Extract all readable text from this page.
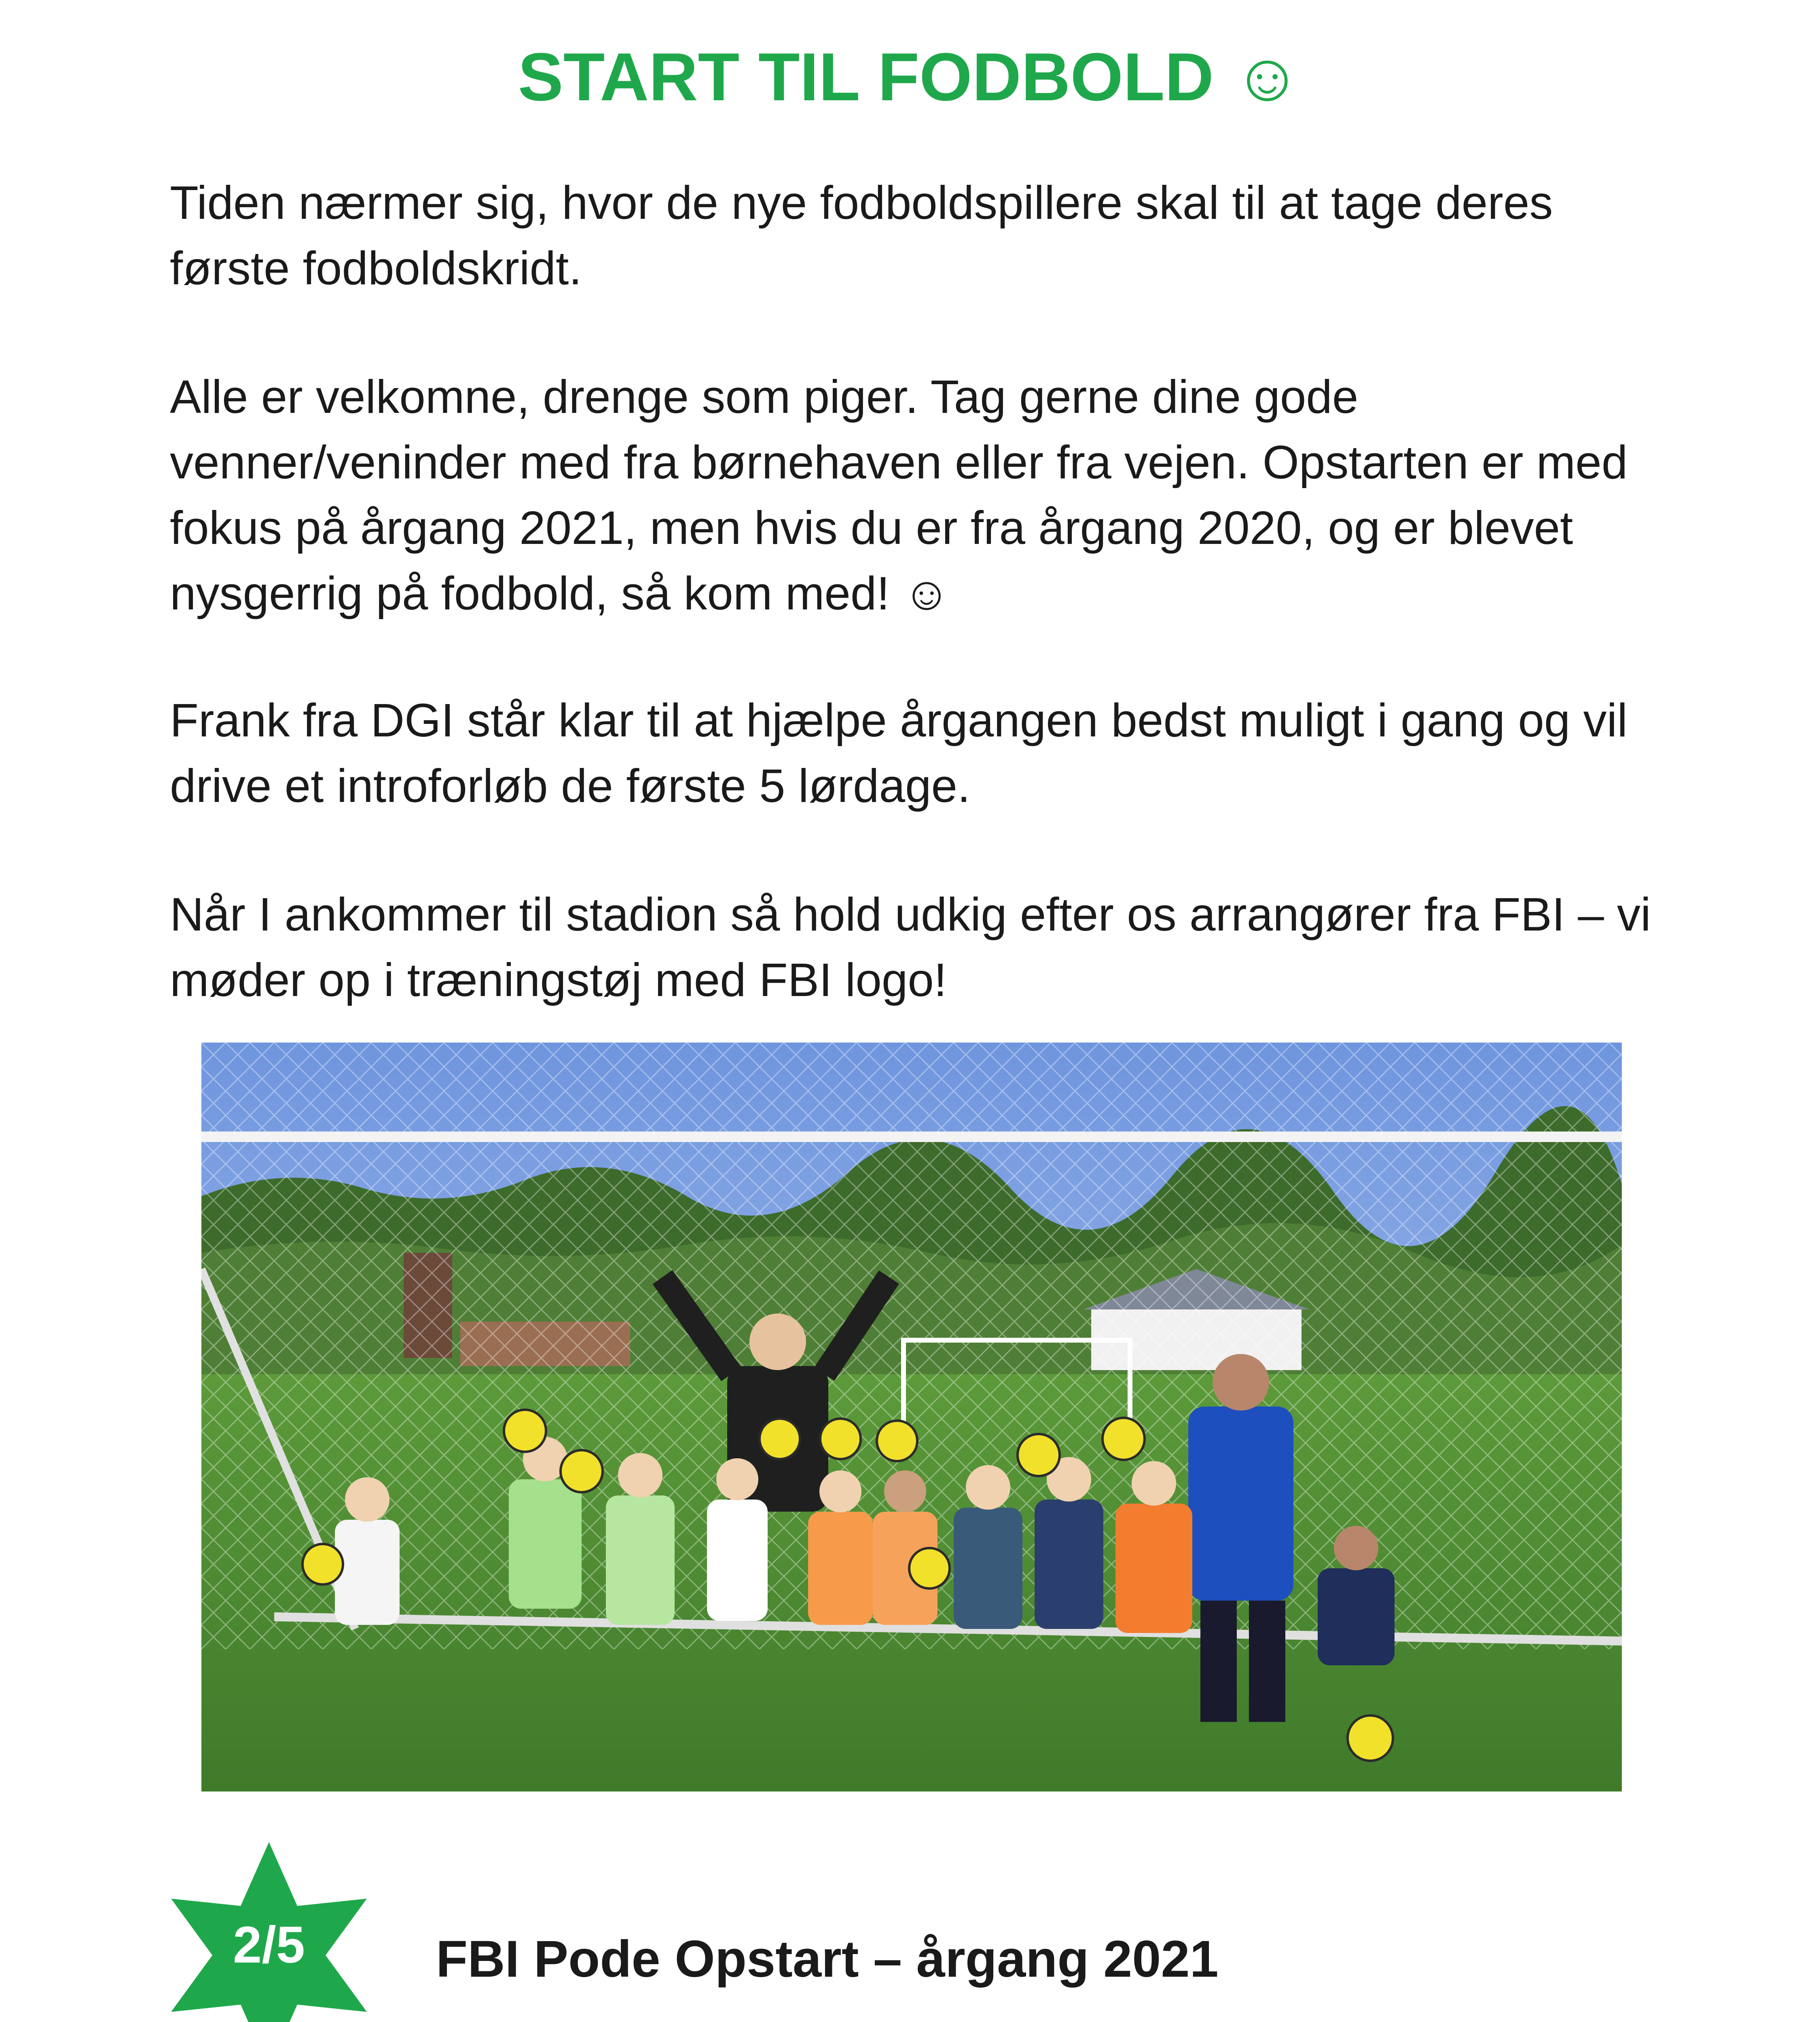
START TIL FODBOLD ☺

Tiden nærmer sig, hvor de nye fodboldspillere skal til at tage deres første fodboldskridt.

Alle er velkomne, drenge som piger. Tag gerne dine gode venner/veninder med fra børnehaven eller fra vejen. Opstarten er med fokus på årgang 2021, men hvis du er fra årgang 2020, og er blevet nysgerrig på fodbold, så kom med! ☺

Frank fra DGI står klar til at hjælpe årgangen bedst muligt i gang og vil drive et introforløb de første 5 lørdage.

Når I ankommer til stadion så hold udkig efter os arrangører fra FBI – vi møder op i træningstøj med FBI logo!

2/5	FBI Pode Opstart – årgang 2021
